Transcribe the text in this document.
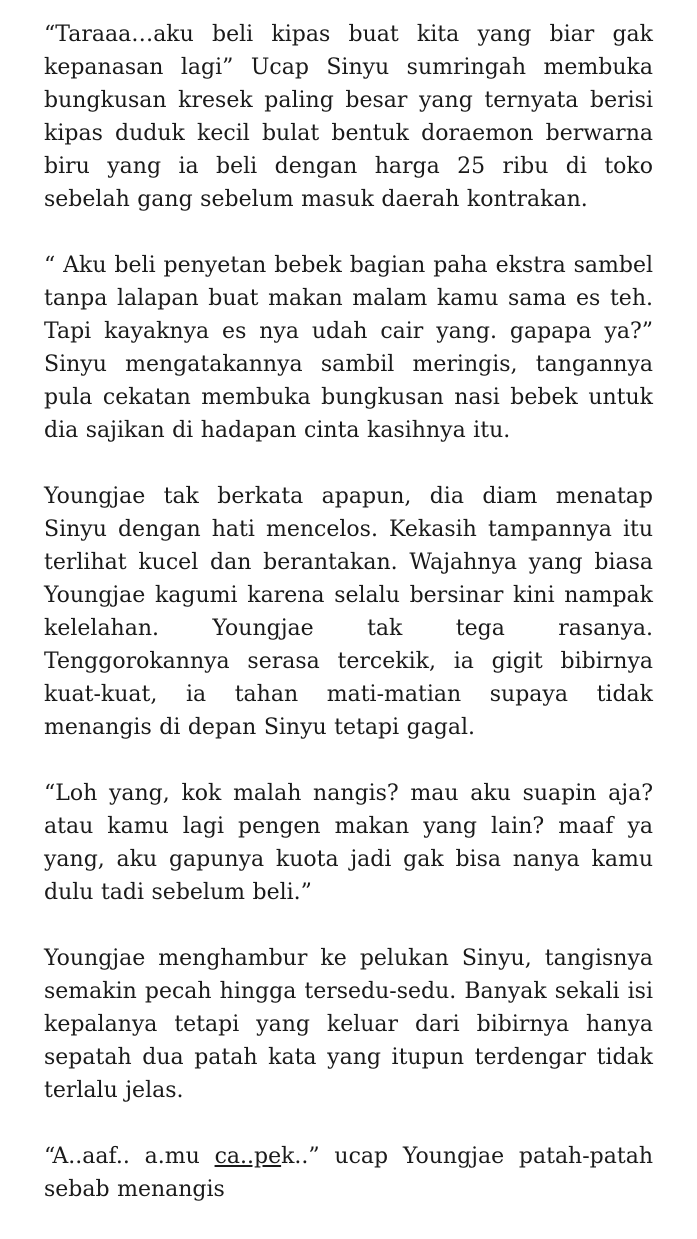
“Taraaa…aku beli kipas buat kita yang biar gak kepanasan lagi” Ucap Sinyu sumringah membuka bungkusan kresek paling besar yang ternyata berisi kipas duduk kecil bulat bentuk doraemon berwarna biru yang ia beli dengan harga 25 ribu di toko sebelah gang sebelum masuk daerah kontrakan.

“ Aku beli penyetan bebek bagian paha ekstra sambel tanpa lalapan buat makan malam kamu sama es teh. Tapi kayaknya es nya udah cair yang. gapapa ya?” Sinyu mengatakannya sambil meringis, tangannya pula cekatan membuka bungkusan nasi bebek untuk dia sajikan di hadapan cinta kasihnya itu.

Youngjae tak berkata apapun, dia diam menatap Sinyu dengan hati mencelos. Kekasih tampannya itu terlihat kucel dan berantakan. Wajahnya yang biasa Youngjae kagumi karena selalu bersinar kini nampak kelelahan. Youngjae tak tega rasanya. Tenggorokannya serasa tercekik, ia gigit bibirnya kuat-kuat, ia tahan mati-matian supaya tidak menangis di depan Sinyu tetapi gagal.

“Loh yang, kok malah nangis? mau aku suapin aja? atau kamu lagi pengen makan yang lain? maaf ya yang, aku gapunya kuota jadi gak bisa nanya kamu dulu tadi sebelum beli.”

Youngjae menghambur ke pelukan Sinyu, tangisnya semakin pecah hingga tersedu-sedu. Banyak sekali isi kepalanya tetapi yang keluar dari bibirnya hanya sepatah dua patah kata yang itupun terdengar tidak terlalu jelas.

“A..aaf.. a.mu ca..pek..” ucap Youngjae patah-patah sebab menangis
